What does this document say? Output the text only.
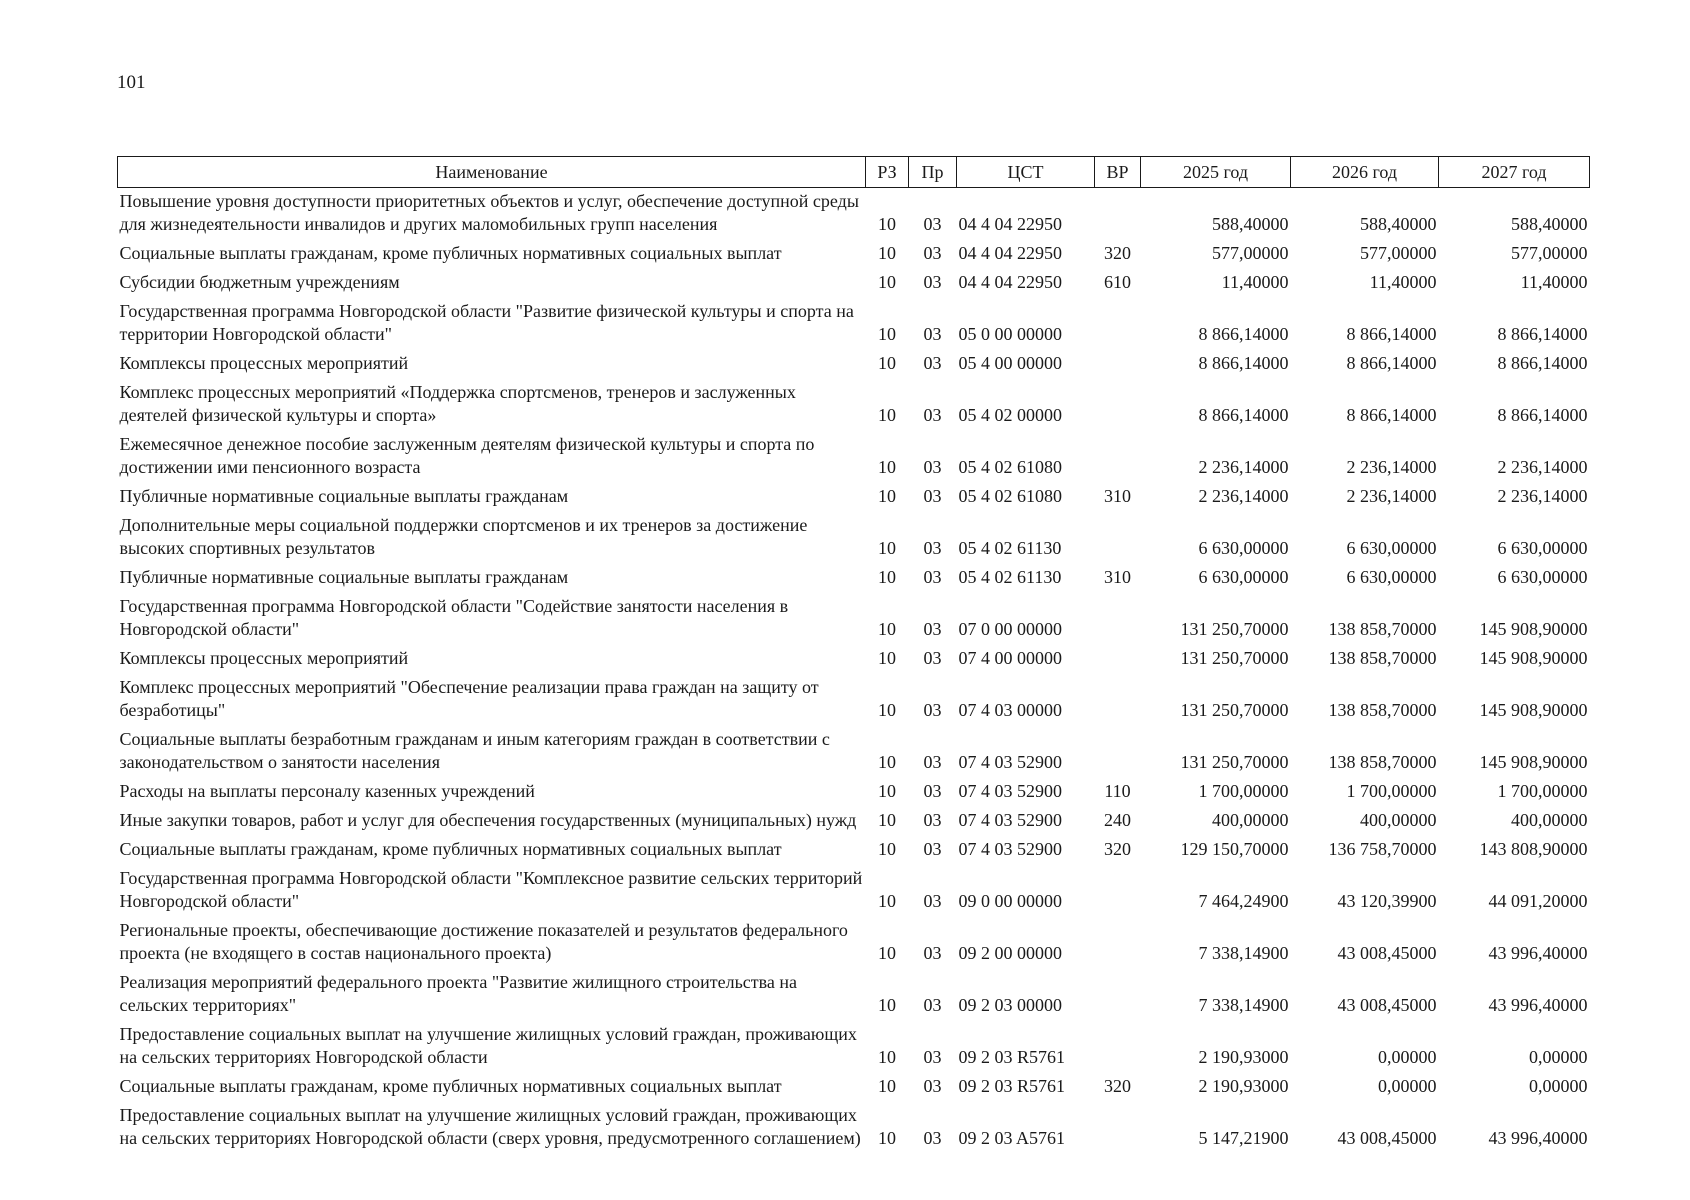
101
Наименование	РЗ	Пр	ЦСТ	ВР	2025 год	2026 год	2027 год
Повышение уровня доступности приоритетных объектов и услуг, обеспечение доступной среды для жизнедеятельности инвалидов и других маломобильных групп населения	10	03	04 4 04 22950		588,40000	588,40000	588,40000
Социальные выплаты гражданам, кроме публичных нормативных социальных выплат	10	03	04 4 04 22950	320	577,00000	577,00000	577,00000
Субсидии бюджетным учреждениям	10	03	04 4 04 22950	610	11,40000	11,40000	11,40000
Государственная программа Новгородской области "Развитие физической культуры и спорта на территории Новгородской области"	10	03	05 0 00 00000		8 866,14000	8 866,14000	8 866,14000
Комплексы процессных мероприятий	10	03	05 4 00 00000		8 866,14000	8 866,14000	8 866,14000
Комплекс процессных мероприятий «Поддержка спортсменов, тренеров и заслуженных деятелей физической культуры и спорта»	10	03	05 4 02 00000		8 866,14000	8 866,14000	8 866,14000
Ежемесячное денежное пособие заслуженным деятелям физической культуры и спорта по достижении ими пенсионного возраста	10	03	05 4 02 61080		2 236,14000	2 236,14000	2 236,14000
Публичные нормативные социальные выплаты гражданам	10	03	05 4 02 61080	310	2 236,14000	2 236,14000	2 236,14000
Дополнительные меры социальной поддержки спортсменов и их тренеров за достижение высоких спортивных результатов	10	03	05 4 02 61130		6 630,00000	6 630,00000	6 630,00000
Публичные нормативные социальные выплаты гражданам	10	03	05 4 02 61130	310	6 630,00000	6 630,00000	6 630,00000
Государственная программа Новгородской области "Содействие занятости населения в Новгородской области"	10	03	07 0 00 00000		131 250,70000	138 858,70000	145 908,90000
Комплексы процессных мероприятий	10	03	07 4 00 00000		131 250,70000	138 858,70000	145 908,90000
Комплекс процессных мероприятий "Обеспечение реализации права граждан на защиту от безработицы"	10	03	07 4 03 00000		131 250,70000	138 858,70000	145 908,90000
Социальные выплаты безработным гражданам и иным категориям граждан в соответствии с законодательством о занятости населения	10	03	07 4 03 52900		131 250,70000	138 858,70000	145 908,90000
Расходы на выплаты персоналу казенных учреждений	10	03	07 4 03 52900	110	1 700,00000	1 700,00000	1 700,00000
Иные закупки товаров, работ и услуг для обеспечения государственных (муниципальных) нужд	10	03	07 4 03 52900	240	400,00000	400,00000	400,00000
Социальные выплаты гражданам, кроме публичных нормативных социальных выплат	10	03	07 4 03 52900	320	129 150,70000	136 758,70000	143 808,90000
Государственная программа Новгородской области "Комплексное развитие сельских территорий Новгородской области"	10	03	09 0 00 00000		7 464,24900	43 120,39900	44 091,20000
Региональные проекты, обеспечивающие достижение показателей и результатов федерального проекта (не входящего в состав национального проекта)	10	03	09 2 00 00000		7 338,14900	43 008,45000	43 996,40000
Реализация мероприятий федерального проекта "Развитие жилищного строительства на сельских территориях"	10	03	09 2 03 00000		7 338,14900	43 008,45000	43 996,40000
Предоставление социальных выплат на улучшение жилищных условий граждан, проживающих на сельских территориях Новгородской области	10	03	09 2 03 R5761		2 190,93000	0,00000	0,00000
Социальные выплаты гражданам, кроме публичных нормативных социальных выплат	10	03	09 2 03 R5761	320	2 190,93000	0,00000	0,00000
Предоставление социальных выплат на улучшение жилищных условий граждан, проживающих на сельских территориях Новгородской области (сверх уровня, предусмотренного соглашением)	10	03	09 2 03 A5761		5 147,21900	43 008,45000	43 996,40000
